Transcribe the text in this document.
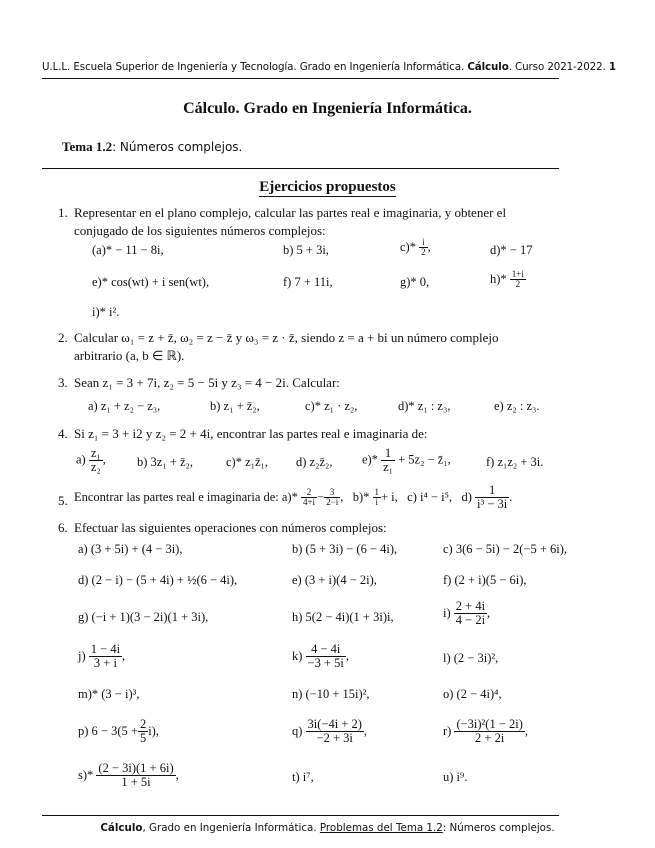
U.L.L. Escuela Superior de Ingeniería y Tecnología. Grado en Ingeniería Informática. Cálculo. Curso 2021-2022. 1
Cálculo. Grado en Ingeniería Informática.
Tema 1.2: Números complejos.
Ejercicios propuestos
1. Representar en el plano complejo, calcular las partes real e imaginaria, y obtener el
conjugado de los siguientes números complejos:
(a)* − 11 − 8i,	b) 5 + 3i,	$c)* \frac{i}{2}$ ,	d)* − 17
e)* cos(wt) + i sen(wt),	f) 7 + 11i,	g)* 0,	$h)* \frac{1+i}{2}$
i)* i².
2. Calcular ω₁ = z + z̄, ω₂ = z − z̄ y ω₃ = z · z̄, siendo z = a + bi un número complejo
arbitrario (a, b ∈ ℝ).
3. Sean z₁ = 3 + 7i, z₂ = 5 − 5i y z₃ = 4 − 2i. Calcular:
a) z₁ + z₂ − z₃,	b) z₁ + z̄₂,	c)* z₁ · z₂,	d)* z₁ : z₃,	e) z₂ : z₃.
4. Si z₁ = 3 + i2 y z₂ = 2 + 4i, encontrar las partes real e imaginaria de:
$a) \frac{\text{z₁}}{\text{z₂}}$ , b) 3z₁ + z̄₂,	c)* z₁z̄₁, d) z₂z̄₂, $e)* \frac{1}{\text{z₁}} + 5z_2$ − z̄₁,	f) z₁z₂ + 3i.
5. Encontrar las partes real e imaginaria de: $a)* \frac{2}{4+i} - \frac{3}{2-i}$ ,   $b)* \frac{1}{i} + i$,   c) i⁴ − i⁵,   $d) \frac{1}{\text{i³ − 3i}}$ .
6. Efectuar las siguientes operaciones con números complejos:
a) (3 + 5i) + (4 − 3i),	b) (5 + 3i) − (6 − 4i),	c) 3(6 − 5i) − 2(−5 + 6i),
d) (2 − i) − (5 + 4i) + ½(6 − 4i),	e) (3 + i)(4 − 2i),	f) (2 + i)(5 − 6i),
g) (−i + 1)(3 − 2i)(1 + 3i),	h) 5(2 − 4i)(1 + 3i)i,	$i) \frac{2 + 4i}{4 - 2i}$ ,
$j) \frac{1 - 4i}{3 + i}$ ,	$k) \frac{4 - 4i}{-3 + 5i}$ ,	l) (2 − 3i)²,
m)* (3 − i)³,	n) (−10 + 15i)²,	o) (2 − 4i)⁴,
p) $6 - 3(5 + \frac{2}{5} i)$,	$q) \frac{3i(-4i + 2)}{-2 + 3i}$ ,	$r) \frac{\text{(−3i)²(1 − 2i)}}{2 + 2i}$ ,
$s)* \frac{(2 - 3i)(1 + 6i)}{1 + 5i}$ ,	t) i⁷,	u) i⁹.
Cálculo, Grado en Ingeniería Informática. Problemas del Tema 1.2: Números complejos.
